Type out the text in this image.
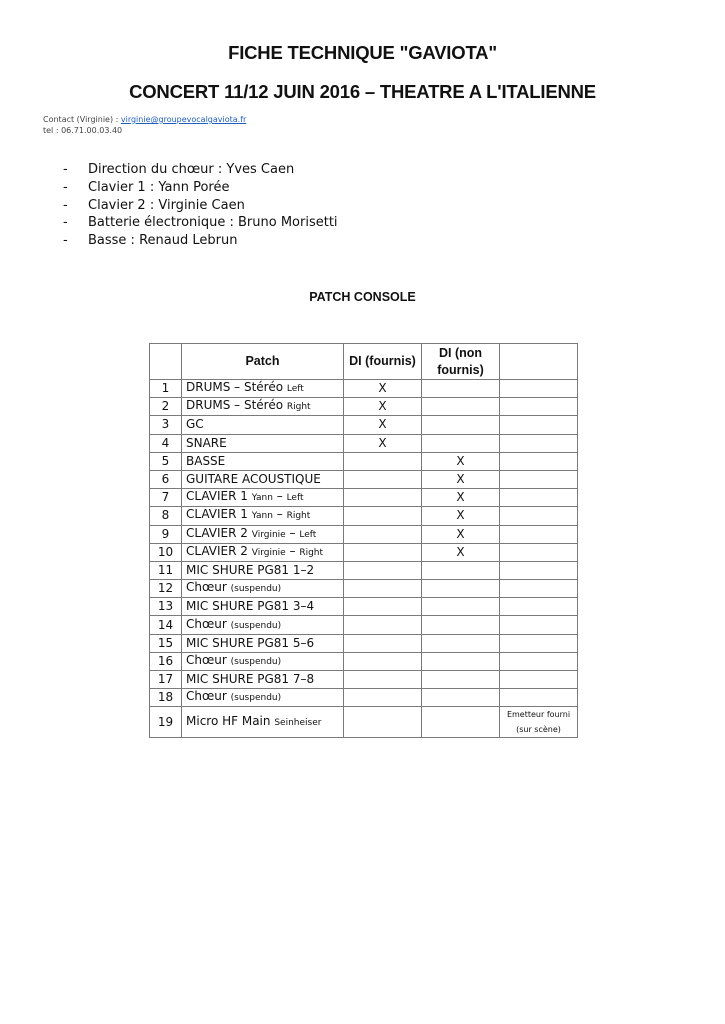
FICHE TECHNIQUE "GAVIOTA"
CONCERT 11/12 JUIN 2016 – THEATRE A L'ITALIENNE
Contact (Virginie) : virginie@groupevocalgaviota.fr
tel : 06.71.00.03.40
- Direction du chœur : Yves Caen
- Clavier 1 : Yann Porée
- Clavier 2 : Virginie Caen
- Batterie électronique : Bruno Morisetti
- Basse : Renaud Lebrun
PATCH CONSOLE
	Patch	DI (fournis)	DI (non fournis)	
1	DRUMS – Stéréo Left	X		
2	DRUMS – Stéréo Right	X		
3	GC	X		
4	SNARE	X		
5	BASSE		X	
6	GUITARE ACOUSTIQUE		X	
7	CLAVIER 1 Yann – Left		X	
8	CLAVIER 1 Yann – Right		X	
9	CLAVIER 2 Virginie – Left		X	
10	CLAVIER 2 Virginie – Right		X	
11	MIC SHURE PG81 1–2			
12	Chœur (suspendu)			
13	MIC SHURE PG81 3–4			
14	Chœur (suspendu)			
15	MIC SHURE PG81 5–6			
16	Chœur (suspendu)			
17	MIC SHURE PG81 7–8			
18	Chœur (suspendu)			
19	Micro HF Main Seinheiser			Emetteur fourni (sur scène)
